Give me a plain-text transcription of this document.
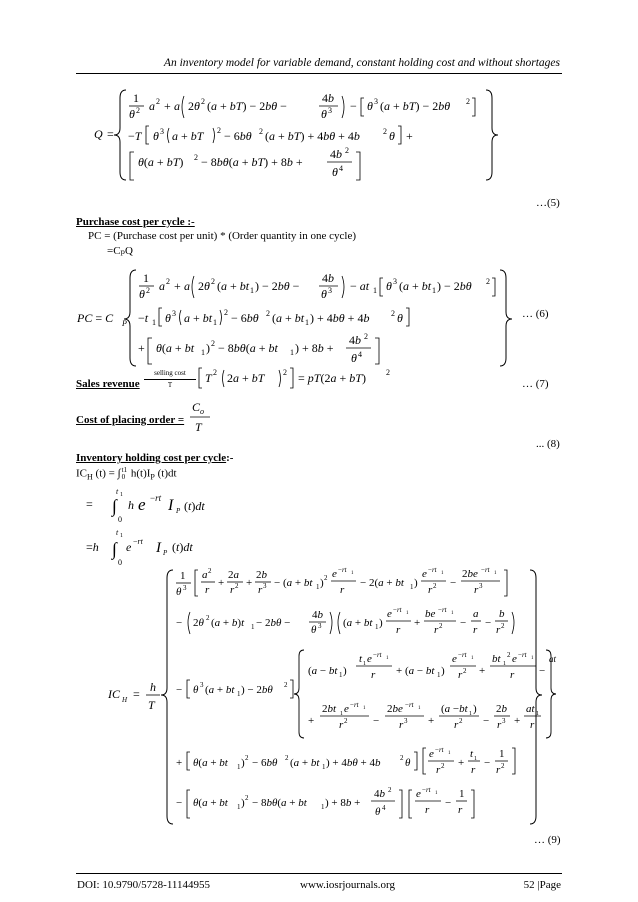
An inventory model for variable demand, constant holding cost and without shortages
Q =
1
θ 2 a 2 + a 2θ 2 (a + bT) − 2bθ −
4b
θ 3 − θ 3 (a + bT) − 2bθ 2
−T θ 3 a + bT 2 − 6bθ 2 (a + bT) + 4bθ + 4b	2 θ +
θ(a + bT) 2 − 8bθ(a + bT) + 8b +
4b 2
θ 4
…(5)
Purchase cost per cycle :-
PC = (Purchase cost per unit) * (Order quantity in one cycle)
=CₚQ
PC = C P
1
θ 2 a 2 + a 2θ 2 (a + bt 1 ) − 2bθ −
4b
θ 3 − at 1 θ 3 (a + bt 1 ) − 2bθ 2
−t 1 θ 3 a + bt 1
2 − 6bθ 2 (a + bt 1 ) + 4bθ + 4b	2 θ
+ θ(a + bt 1 ) 2 − 8bθ(a + bt 1 ) + 8b +
4b 2
θ 4
… (6)
Sales revenue
selling cost
T	T 2 2a + bT 2 = pT(2a + bT)	2
… (7)
Cost of placing order =
C o
T
... (8)
Inventory holding cost per cycle:-
$IC_H$ (t) = ∫t1
0 $h(t)I_P$ (t)dt
t 1
= ∫
0
h e −rt I P (t)dt
t 1
=h ∫
0
e −rt I P (t)dt
IC H = h
T
1
θ 3
a 2
r
+
2a
r 2 +
2b
r 3 − (a + bt 1 ) 2 e −rt 1
r
− 2(a + bt 1 )
e −rt 1
r 2 −
2be −rt 1
r 3
− 2θ 2 (a + b)t 1 − 2bθ −
4b
θ 3 (a + bt 1 )
e −rt 1
r
+
be −rt 1
r 2 −
a
r
−
b
r 2
− θ 3 (a + bt 1 ) − 2bθ 2
t 1 e −rt 1
(a − bt 1 ) r + (a − bt 1 )
e −rt 1
r 2 +
bt 1
2 e −rt 1
r −
at
+
2bt 1 e −rt 1
r 2 −
2be −rt 1
r 3 +
(a −bt 1 )
r 2 −
2b
r 3 +
at 1
r
+ θ(a + bt 1 ) 2 − 6bθ 2 (a + bt 1 ) + 4bθ + 4b	2 θ
e −rt 1
r 2 +
t 1
r
−
1
r 2
− θ(a + bt 1 ) 2 − 8bθ(a + bt 1 ) + 8b +
4b 2
θ 4
e −rt 1
r
−
1
r
… (9)
DOI: 10.9790/5728-11144955	www.iosrjournals.org	52 |Page
